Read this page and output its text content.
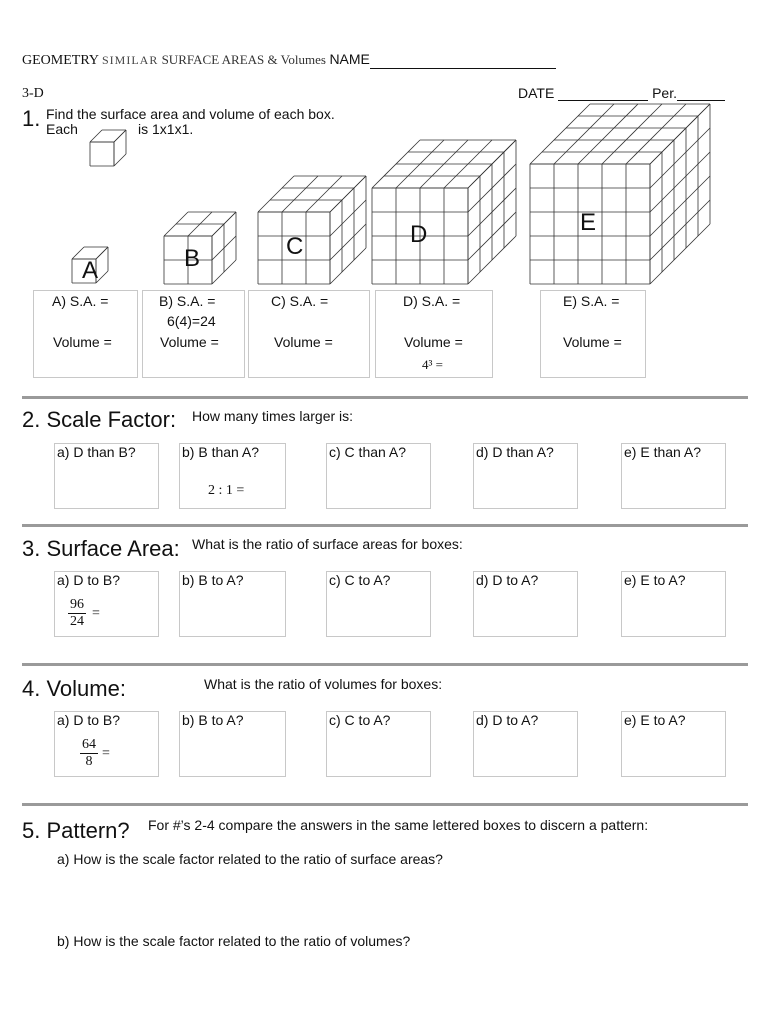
GEOMETRY SIMILAR SURFACE AREAS & Volumes NAME
3-D	DATE	Per.
1. Find the surface area and volume of each box.
Each	is 1x1x1.
A	B	C	D	E
A) S.A. =
Volume =
B) S.A. =
6(4)=24
Volume =
C) S.A. =
Volume =
D) S.A. =
Volume =
4³ =
E) S.A. =
Volume =
2. Scale Factor: How many times larger is:
a) D than B?	b) B than A?	c) C than A?	d) D than A?	e) E than A?
2 : 1 =
3. Surface Area: What is the ratio of surface areas for boxes:
a) D to B?	b) B to A?	c) C to A?	d) D to A?	e) E to A?
$\frac{96}{24}$ =
4. Volume:	What is the ratio of volumes for boxes:
a) D to B?	b) B to A?	c) C to A?	d) D to A?	e) E to A?
$\frac{64}{8}$ =
5. Pattern? For #’s 2-4 compare the answers in the same lettered boxes to discern a pattern:
a) How is the scale factor related to the ratio of surface areas?
b) How is the scale factor related to the ratio of volumes?
